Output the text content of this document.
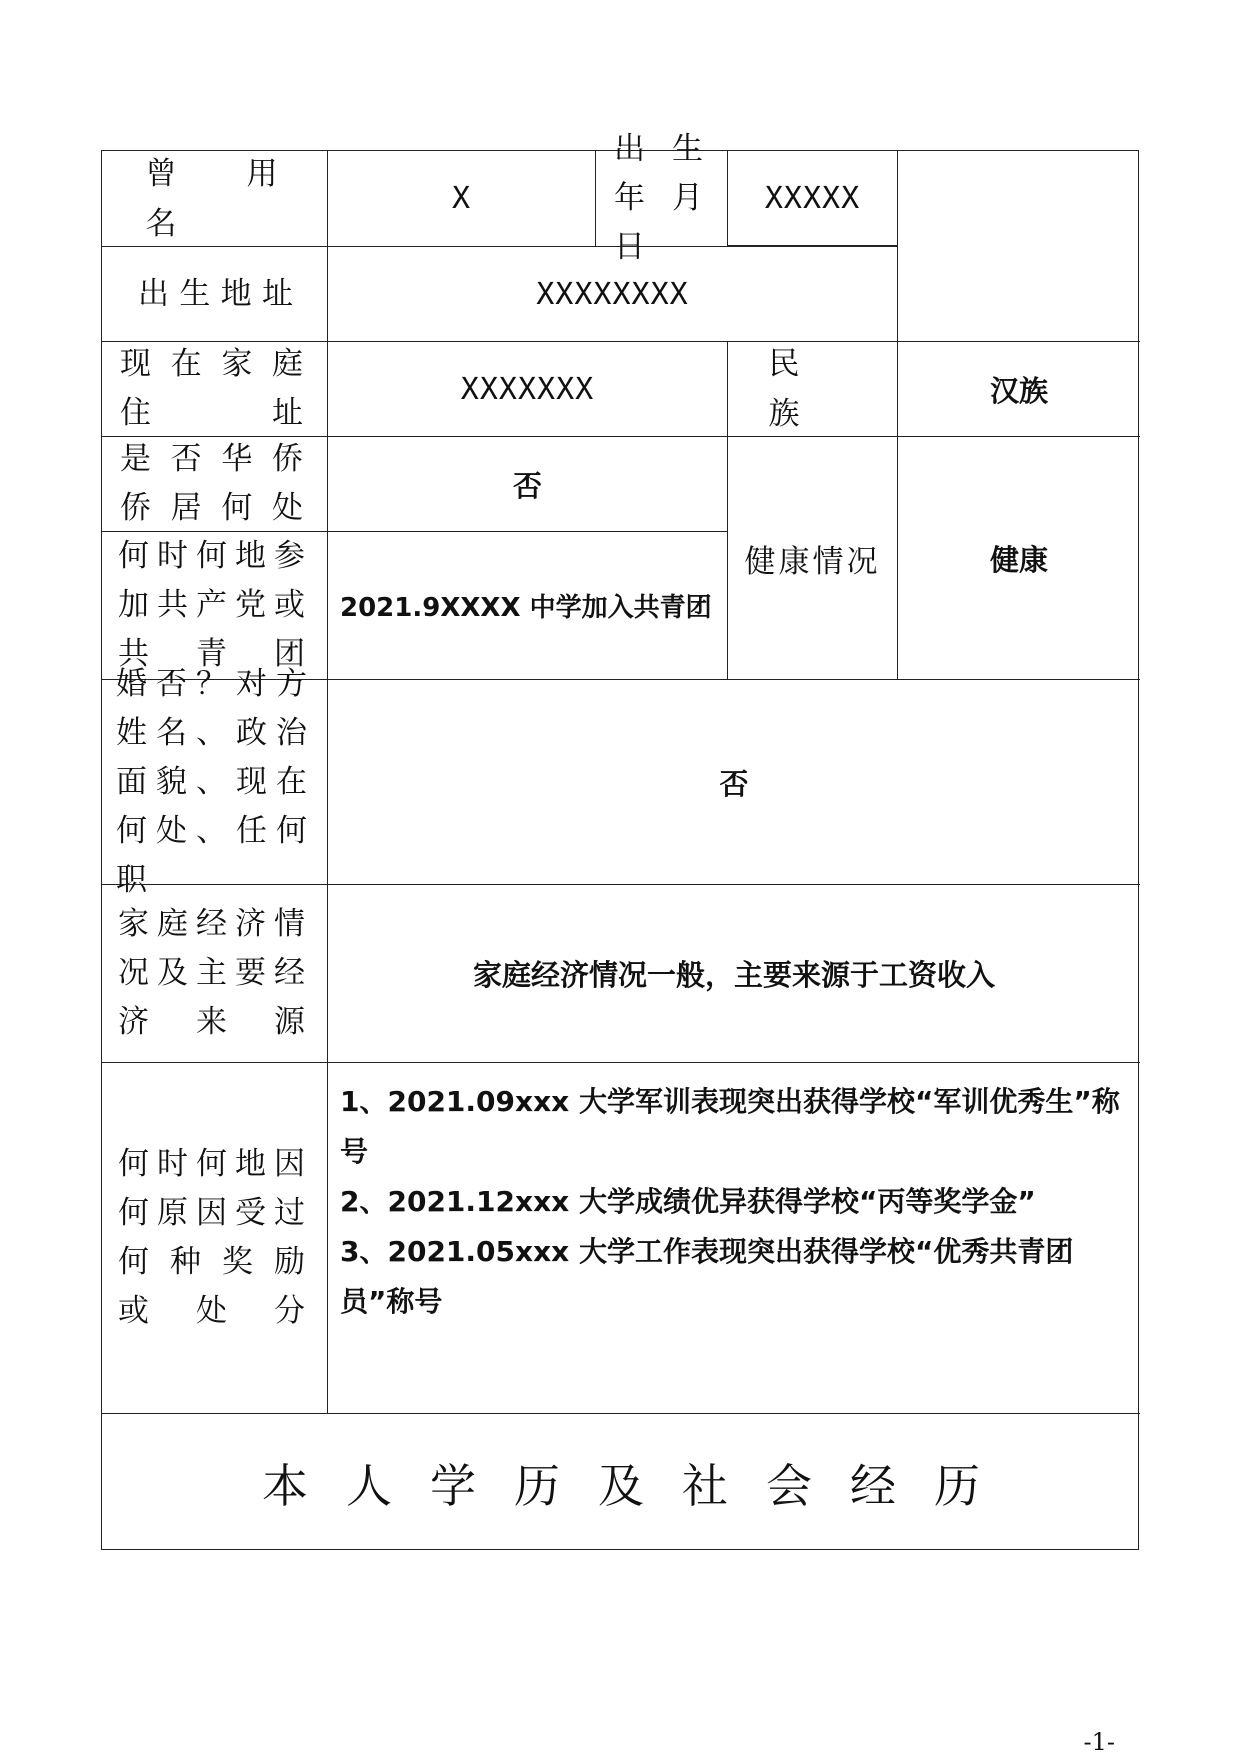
曾 用 名
X
出 生
年月日
XXXXX
出生地址	XXXXXXXX
现在家庭
住 址
XXXXXXX
民 族
汉族
是否华侨
侨居何处
否
健康情况	健康
何时何地参
加共产党或
共 青 团
2021.9XXXX 中学加入共青团
婚否？对方
姓名、政治
面貌、现在
何处、任何职
否
家庭经济情
况及主要经
济 来 源
家庭经济情况一般，主要来源于工资收入
何时何地因
何原因受过
何种奖励
或 处 分

1、2021.09xxx 大学军训表现突出获得学校“军训优秀生”称号

2、2021.12xxx 大学成绩优异获得学校“丙等奖学金”

3、2021.05xxx 大学工作表现突出获得学校“优秀共青团员”称号

本人学历及社会经历
-1-
